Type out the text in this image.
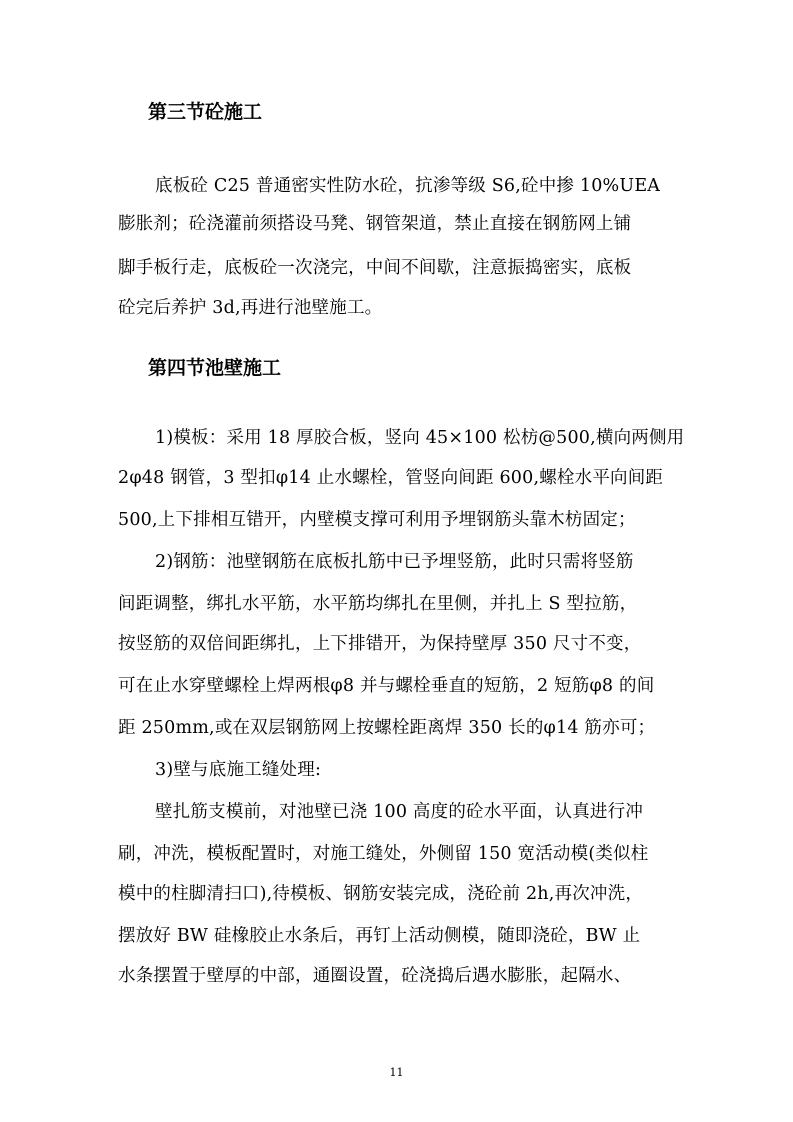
第三节砼施工
底板砼 C25 普通密实性防水砼，抗渗等级 S6,砼中掺 10%UEA
膨胀剂；砼浇灌前须搭设马凳、钢管架道，禁止直接在钢筋网上铺
脚手板行走，底板砼一次浇完，中间不间歇，注意振捣密实，底板
砼完后养护 3d,再进行池壁施工。
第四节池壁施工
1)模板：采用 18 厚胶合板，竖向 45×100 松枋@500,横向两侧用
2φ48 钢管，3 型扣φ14 止水螺栓，管竖向间距 600,螺栓水平向间距
500,上下排相互错开，内壁模支撑可利用予埋钢筋头靠木枋固定；
2)钢筋：池壁钢筋在底板扎筋中已予埋竖筋，此时只需将竖筋
间距调整，绑扎水平筋，水平筋均绑扎在里侧，并扎上 S 型拉筋，
按竖筋的双倍间距绑扎，上下排错开，为保持壁厚 350 尺寸不变，
可在止水穿壁螺栓上焊两根φ8 并与螺栓垂直的短筋，2 短筋φ8 的间
距 250mm,或在双层钢筋网上按螺栓距离焊 350 长的φ14 筋亦可；
3)壁与底施工缝处理:
壁扎筋支模前，对池壁已浇 100 高度的砼水平面，认真进行冲
刷，冲洗，模板配置时，对施工缝处，外侧留 150 宽活动模(类似柱
模中的柱脚清扫口),待模板、钢筋安装完成，浇砼前 2h,再次冲洗，
摆放好 BW 硅橡胶止水条后，再钉上活动侧模，随即浇砼，BW 止
水条摆置于壁厚的中部，通圈设置，砼浇捣后遇水膨胀，起隔水、
11
